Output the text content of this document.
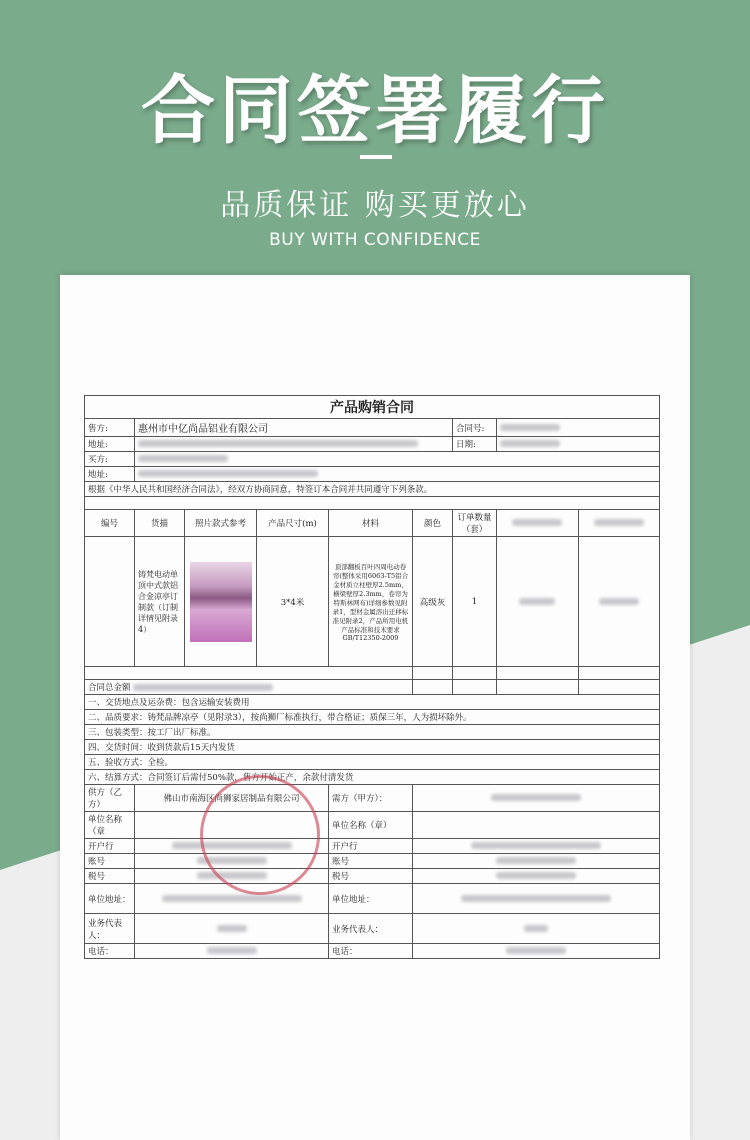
合同签署履行
品质保证 购买更放心
BUY WITH CONFIDENCE
产品购销合同								
售方:	惠州市中亿尚品铝业有限公司					合同号:		
地址:						日期:		
买方:								
地址:								
根据《中华人民共和国经济合同法》，经双方协商同意，特签订本合同并共同遵守下列条款。								

编号	货描	照片款式参考	产品尺寸(m)	材料	颜色	订单数量（套）		
	铸梵电动单顶中式款铝合金凉亭订制款（订制详情见附录4）		3*4米	顶部翻板百叶四周电动卷帘(整体采用6063-T5铝合金材质立柱壁厚2.5mm，横梁壁厚2.3mm，卷帘为特斯林网布)详细参数见附录1，型材金属溶出迁移标准见附录2，产品所用电机产品标准和技术要求GB/T12350-2009	高级灰	1		

合同总金额								
一、交货地点及运杂费：包含运输安装费用								
二、品质要求：铸梵品牌凉亭（见附录3），按尚狮厂标准执行，带合格证；质保三年，人为损坏除外。								
三、包装类型：按工厂出厂标准。								
四、交货时间：收到货款后15天内发货								
五、验收方式：全检。								
六、结算方式：合同签订后需付50%款，售方开始正产，余款付清发货								
供方（乙方）	佛山市南海区尚狮家居制品有限公司			需方（甲方）：				
单位名称（章				单位名称（章）				
开户行				开户行				
账号				账号				
税号				税号				
单位地址：				单位地址：				
业务代表人：				业务代表人：				
电话：				电话：				
